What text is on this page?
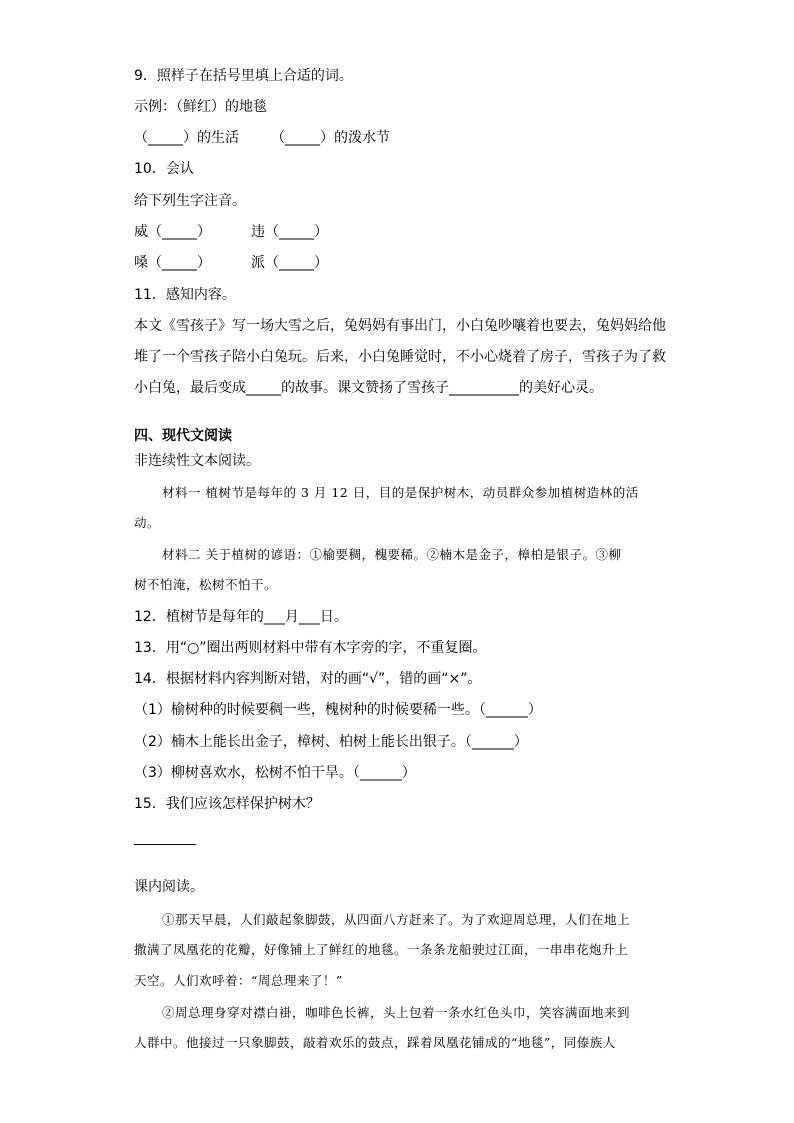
9．照样子在括号里填上合适的词。
示例：（鲜红）的地毯
（_____）的生活 （_____）的泼水节
10．会认
给下列生字注音。
威（_____）	违（_____）
嗓（_____）	派（_____）
11．感知内容。
本文《雪孩子》写一场大雪之后，兔妈妈有事出门，小白兔吵嚷着也要去，兔妈妈给他
堆了一个雪孩子陪小白兔玩。后来，小白兔睡觉时，不小心烧着了房子，雪孩子为了救
小白兔，最后变成_____的故事。课文赞扬了雪孩子__________的美好心灵。
四、现代文阅读
非连续性文本阅读。
材料一 植树节是每年的 3 月 12 日，目的是保护树木，动员群众参加植树造林的活
动。
材料二 关于植树的谚语：①榆要稠，槐要稀。②楠木是金子，樟柏是银子。③柳
树不怕淹，松树不怕干。
12．植树节是每年的___月___日。
13．用“○”圈出两则材料中带有木字旁的字，不重复圈。
14．根据材料内容判断对错，对的画“√”，错的画“×”。
（1）榆树种的时候要稠一些，槐树种的时候要稀一些。（______）
（2）楠木上能长出金子，樟树、柏树上能长出银子。（______）
（3）柳树喜欢水，松树不怕干旱。（______）
15．我们应该怎样保护树木？
课内阅读。
①那天早晨，人们敲起象脚鼓，从四面八方赶来了。为了欢迎周总理，人们在地上
撒满了凤凰花的花瓣，好像铺上了鲜红的地毯。一条条龙船驶过江面，一串串花炮升上
天空。人们欢呼着：“周总理来了！”
②周总理身穿对襟白褂，咖啡色长裤，头上包着一条水红色头巾，笑容满面地来到
人群中。他接过一只象脚鼓，敲着欢乐的鼓点，踩着凤凰花铺成的“地毯”，同傣族人
